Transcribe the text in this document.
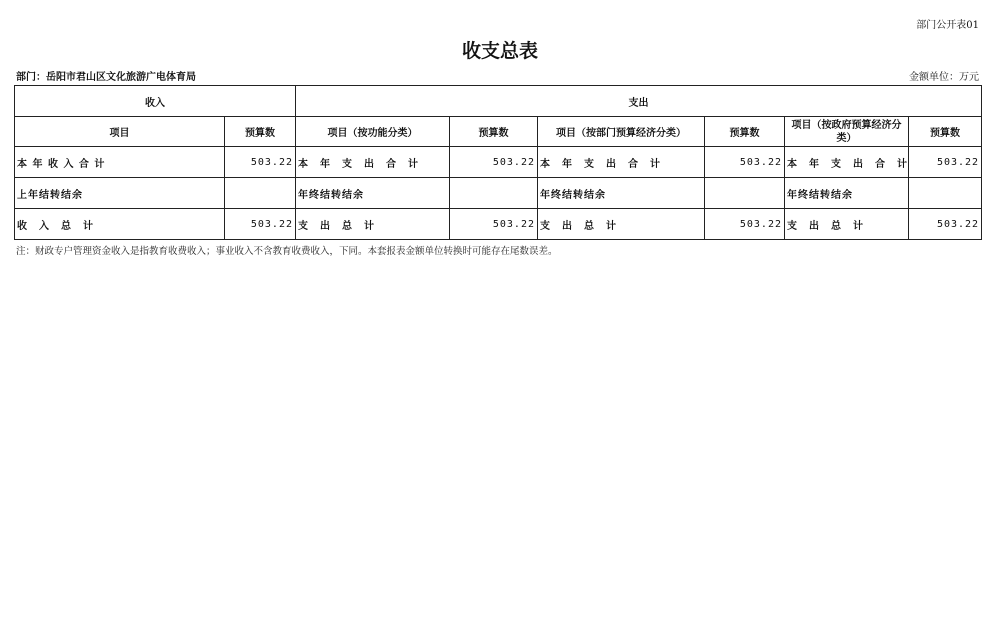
部门公开表01
收支总表
部门：岳阳市君山区文化旅游广电体育局	金额单位：万元
收入		支出					
项目	预算数	项目（按功能分类）	预算数	项目（按部门预算经济分类）	预算数	项目（按政府预算经济分类）	预算数
本 年 收 入 合 计	503.22	本　年　支　出　合　计	503.22	本　年　支　出　合　计	503.22	本　年　支　出　合　计	503.22
上年结转结余		年终结转结余		年终结转结余		年终结转结余	
收　入　总　计	503.22	支　出　总　计	503.22	支　出　总　计	503.22	支　出　总　计	503.22
注：财政专户管理资金收入是指教育收费收入；事业收入不含教育收费收入，下同。本套报表金额单位转换时可能存在尾数误差。
